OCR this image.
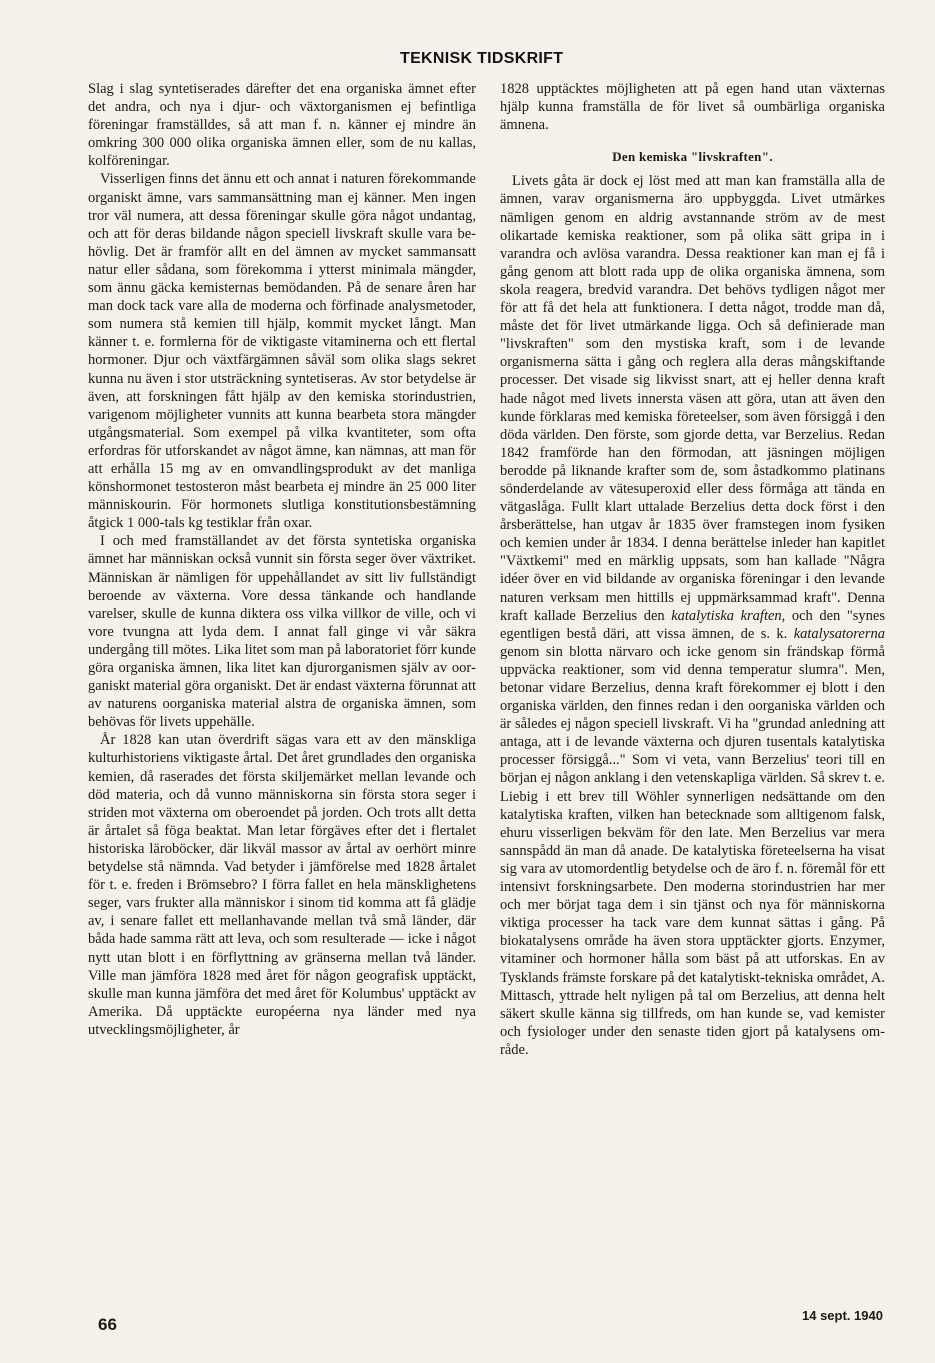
TEKNISK TIDSKRIFT

Slag i slag syntetiserades därefter det ena organiska ämnet efter det andra, och nya i djur- och växtorganismen ej befintliga föreningar framställdes, så att man f. n. känner ej mindre än omkring 300 000 olika organiska ämnen eller, som de nu kallas, kolföreningar.

Visserligen finns det ännu ett och annat i naturen förekommande organiskt ämne, vars sammansättning man ej känner. Men ingen tror väl numera, att dessa föreningar skulle göra något undantag, och att för deras bildande någon speciell livskraft skulle vara behövlig. Det är framför allt en del ämnen av mycket sammansatt natur eller sådana, som förekomma i ytterst minimala mängder, som ännu gäcka kemisternas bemödanden. På de senare åren har man dock tack vare alla de moderna och förfinade analysmetoder, som numera stå kemien till hjälp, kommit mycket långt. Man känner t. e. formlerna för de viktigaste vitaminerna och ett flertal hormoner. Djur och växtfärgämnen såväl som olika slags sekret kunna nu även i stor utsträckning syntetiseras. Av stor betydelse är även, att forskningen fått hjälp av den kemiska storindustrien, varigenom möjligheter vunnits att kunna bearbeta stora mängder utgångsmaterial. Som exempel på vilka kvantiteter, som ofta erfordras för utforskandet av något ämne, kan nämnas, att man för att erhålla 15 mg av en omvandlingsprodukt av det manliga könshormonet testosteron måst bearbeta ej mindre än 25 000 liter människourin. För hormonets slutliga konstitutionsbestämning åtgick 1 000-tals kg testiklar från oxar.

I och med framställandet av det första syntetiska organiska ämnet har människan också vunnit sin första seger över växtriket. Människan är nämligen för uppehållandet av sitt liv fullständigt beroende av växterna. Vore dessa tänkande och handlande varelser, skulle de kunna diktera oss vilka villkor de ville, och vi vore tvungna att lyda dem. I annat fall ginge vi vår säkra undergång till mötes. Lika litet som man på laboratoriet förr kunde göra organiska ämnen, lika litet kan djurorganismen själv av oorganiskt material göra organiskt. Det är endast växterna förunnat att av naturens oorganiska material alstra de organiska ämnen, som behövas för livets uppehälle.

År 1828 kan utan överdrift sägas vara ett av den mänskliga kulturhistoriens viktigaste årtal. Det året grundlades den organiska kemien, då raserades det första skiljemärket mellan levande och död materia, och då vunno människorna sin första stora seger i striden mot växterna om oberoendet på jorden. Och trots allt detta är årtalet så föga beaktat. Man letar förgäves efter det i flertalet historiska läroböcker, där likväl massor av årtal av oerhört minre betydelse stå nämnda. Vad betyder i jämförelse med 1828 årtalet för t. e. freden i Brömsebro? I förra fallet en hela mänsklighetens seger, vars frukter alla människor i sinom tid komma att få glädje av, i senare fallet ett mellanhavande mellan två små länder, där båda hade samma rätt att leva, och som resulterade — icke i något nytt utan blott i en förflyttning av gränserna mellan två länder. Ville man jämföra 1828 med året för någon geografisk upptäckt, skulle man kunna jämföra det med året för Kolumbus' upptäckt av Amerika. Då upptäckte européerna nya länder med nya utvecklingsmöjligheter, år

1828 upptäcktes möjligheten att på egen hand utan växternas hjälp kunna framställa de för livet så oumbärliga organiska ämnena.

Den kemiska "livskraften".

Livets gåta är dock ej löst med att man kan framställa alla de ämnen, varav organismerna äro uppbyggda. Livet utmärkes nämligen genom en aldrig avstannande ström av de mest olikartade kemiska reaktioner, som på olika sätt gripa in i varandra och avlösa varandra. Dessa reaktioner kan man ej få i gång genom att blott rada upp de olika organiska ämnena, som skola reagera, bredvid varandra. Det behövs tydligen något mer för att få det hela att funktionera. I detta något, trodde man då, måste det för livet utmärkande ligga. Och så definierade man "livskraften" som den mystiska kraft, som i de levande organismerna sätta i gång och reglera alla deras mångskiftande processer. Det visade sig likvisst snart, att ej heller denna kraft hade något med livets innersta väsen att göra, utan att även den kunde förklaras med kemiska företeelser, som även försiggå i den döda världen. Den förste, som gjorde detta, var Berzelius. Redan 1842 framförde han den förmodan, att jäsningen möjligen berodde på liknande krafter som de, som åstadkommo platinans sönderdelande av vätesuperoxid eller dess förmåga att tända en vätgaslåga. Fullt klart uttalade Berzelius detta dock först i den årsberättelse, han utgav år 1835 över framstegen inom fysiken och kemien under år 1834. I denna berättelse inleder han kapitlet "Växtkemi" med en märklig uppsats, som han kallade "Några idéer över en vid bildande av organiska föreningar i den levande naturen verksam men hittills ej uppmärksammad kraft". Denna kraft kallade Berzelius den katalytiska kraften, och den "synes egentligen bestå däri, att vissa ämnen, de s. k. katalysatorerna genom sin blotta närvaro och icke genom sin frändskap förmå uppväcka reaktioner, som vid denna temperatur slumra". Men, betonar vidare Berzelius, denna kraft förekommer ej blott i den organiska världen, den finnes redan i den oorganiska världen och är således ej någon speciell livskraft. Vi ha "grundad anledning att antaga, att i de levande växterna och djuren tusentals katalytiska processer försiggå..." Som vi veta, vann Berzelius' teori till en början ej någon anklang i den vetenskapliga världen. Så skrev t. e. Liebig i ett brev till Wöhler synnerligen nedsättande om den katalytiska kraften, vilken han betecknade som alltigenom falsk, ehuru visserligen bekväm för den late. Men Berzelius var mera sannspådd än man då anade. De katalytiska företeelserna ha visat sig vara av utomordentlig betydelse och de äro f. n. föremål för ett intensivt forskningsarbete. Den moderna storindustrien har mer och mer börjat taga dem i sin tjänst och nya för människorna viktiga processer ha tack vare dem kunnat sättas i gång. På biokatalysens område ha även stora upptäckter gjorts. Enzymer, vitaminer och hormoner hålla som bäst på att utforskas. En av Tysklands främste forskare på det katalytiskt-tekniska området, A. Mittasch, yttrade helt nyligen på tal om Berzelius, att denna helt säkert skulle känna sig tillfreds, om han kunde se, vad kemister och fysiologer under den senaste tiden gjort på katalysens område.

66	14 sept. 1940
